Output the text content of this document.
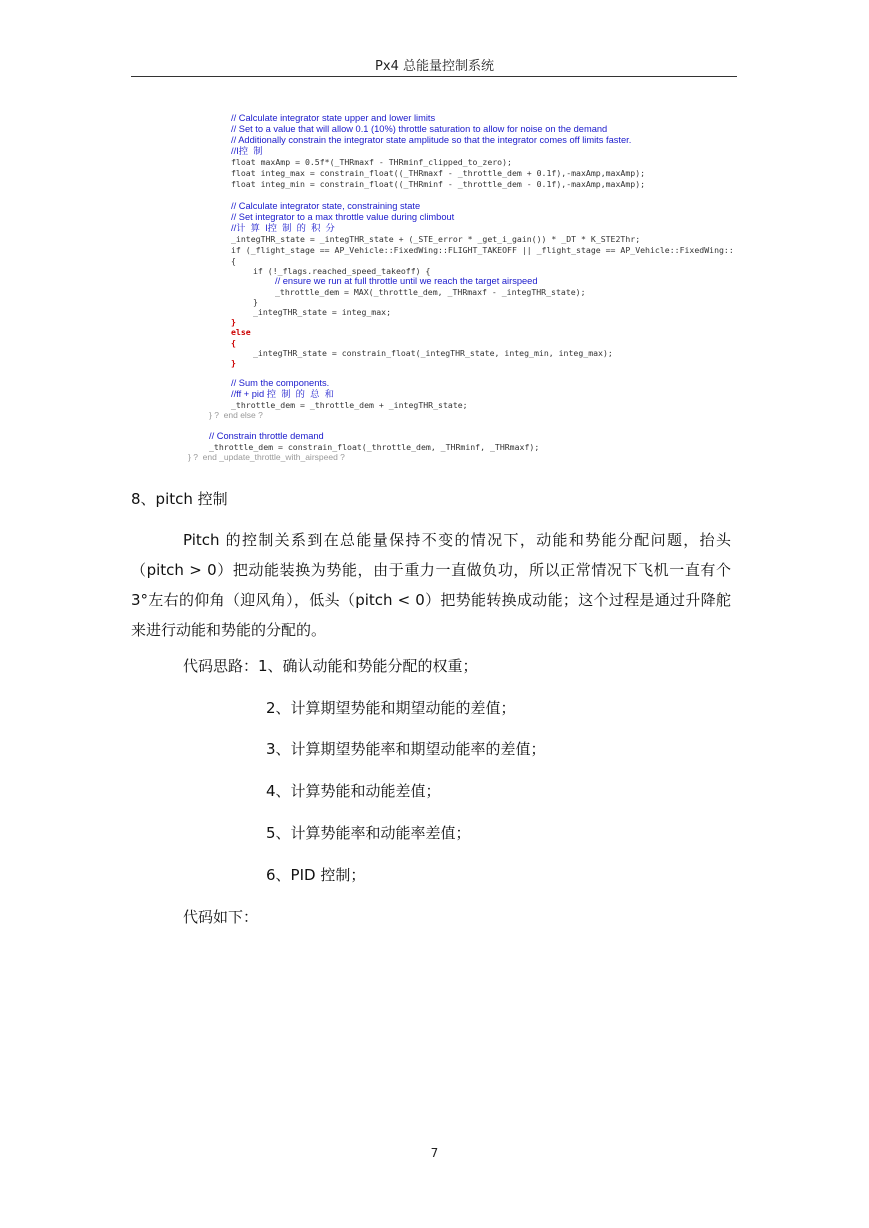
Px4 总能量控制系统
// Calculate integrator state upper and lower limits
// Set to a value that will allow 0.1 (10%) throttle saturation to allow for noise on the demand
// Additionally constrain the integrator state amplitude so that the integrator comes off limits faster.
//I控  制
float maxAmp = 0.5f*(_THRmaxf - THRminf_clipped_to_zero);
float integ_max = constrain_float((_THRmaxf - _throttle_dem + 0.1f),-maxAmp,maxAmp);
float integ_min = constrain_float((_THRminf - _throttle_dem - 0.1f),-maxAmp,maxAmp);
// Calculate integrator state, constraining state
// Set integrator to a max throttle value during climbout
//计  算  I控  制  的  积  分
_integTHR_state = _integTHR_state + (_STE_error * _get_i_gain()) * _DT * K_STE2Thr;
if (_flight_stage == AP_Vehicle::FixedWing::FLIGHT_TAKEOFF || _flight_stage == AP_Vehicle::FixedWing::
{
if (!_flags.reached_speed_takeoff) {
// ensure we run at full throttle until we reach the target airspeed
_throttle_dem = MAX(_throttle_dem, _THRmaxf - _integTHR_state);
}
_integTHR_state = integ_max;
}
else
{
_integTHR_state = constrain_float(_integTHR_state, integ_min, integ_max);
}
// Sum the components.
//ff + pid 控  制  的  总  和
_throttle_dem = _throttle_dem + _integTHR_state;
} ?  end else ?
// Constrain throttle demand
_throttle_dem = constrain_float(_throttle_dem, _THRminf, _THRmaxf);
} ?  end _update_throttle_with_airspeed ?
8、pitch 控制
Pitch 的控制关系到在总能量保持不变的情况下，动能和势能分配问题，抬头（pitch > 0）把动能装换为势能，由于重力一直做负功，所以正常情况下飞机一直有个 3°左右的仰角（迎风角），低头（pitch < 0）把势能转换成动能；这个过程是通过升降舵来进行动能和势能的分配的。
代码思路：1、确认动能和势能分配的权重；
2、计算期望势能和期望动能的差值；
3、计算期望势能率和期望动能率的差值；
4、计算势能和动能差值；
5、计算势能率和动能率差值；
6、PID 控制；
代码如下：
7
